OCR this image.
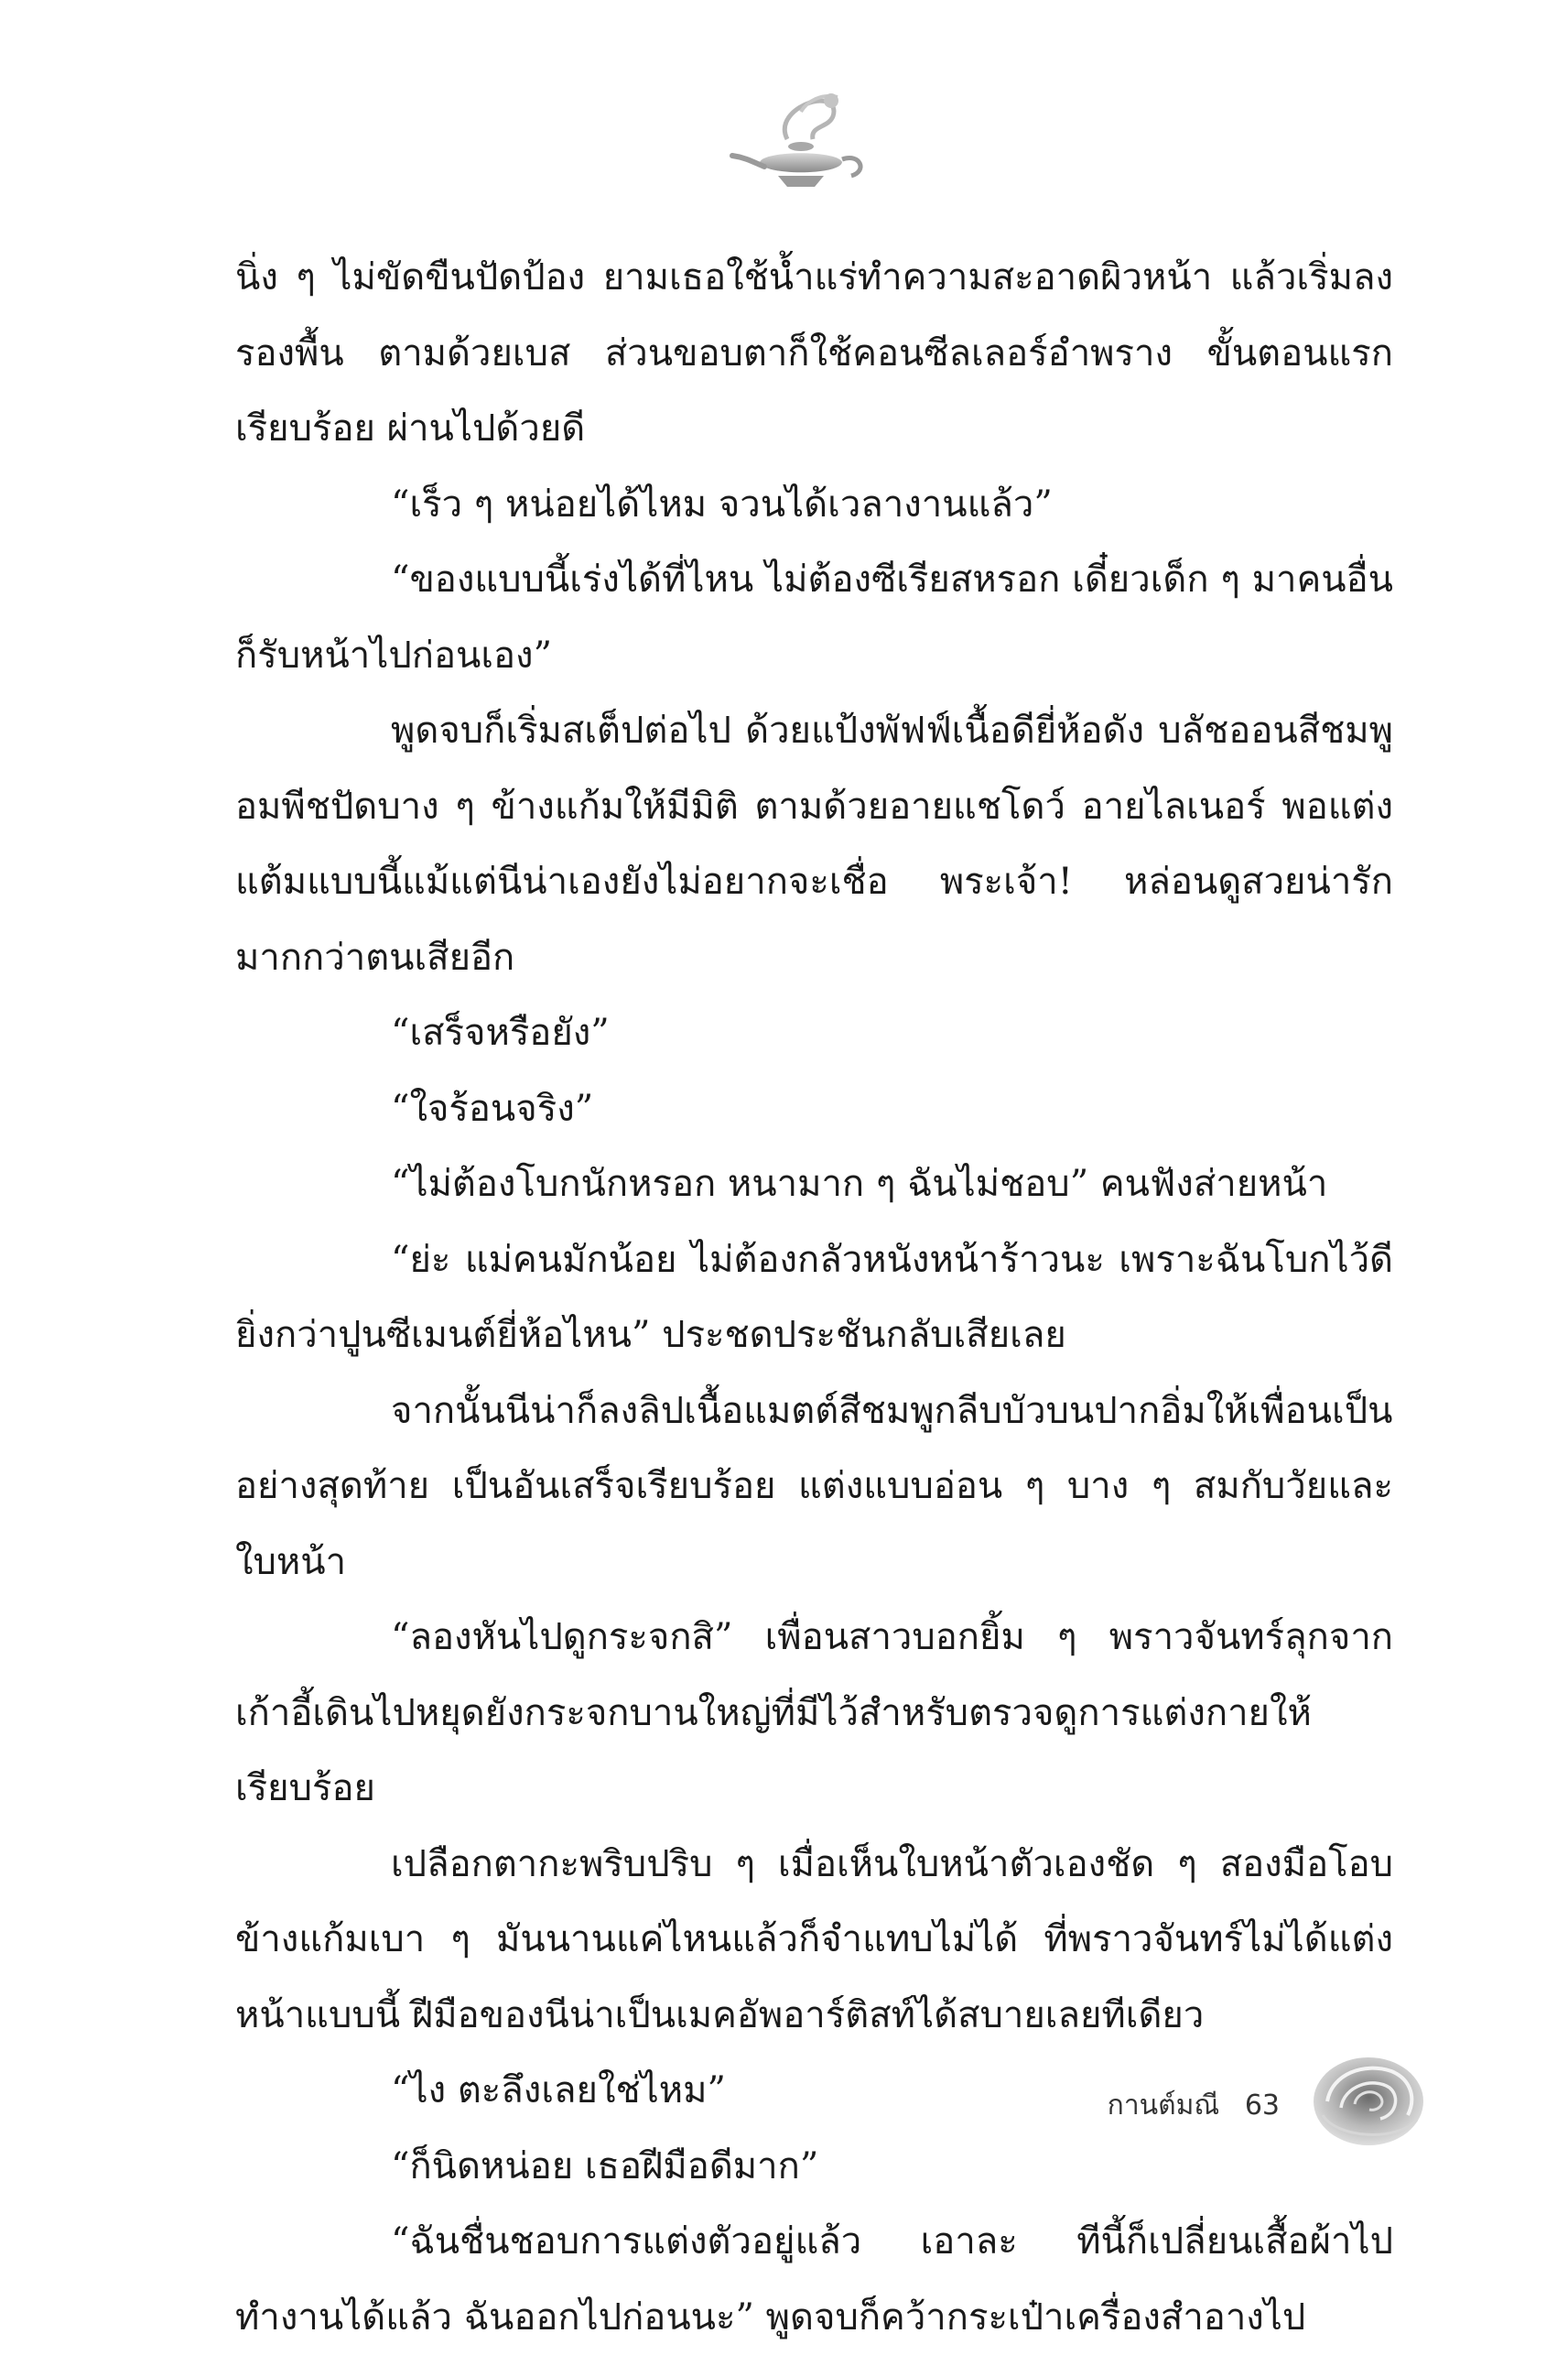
นิ่ง ๆ ไม่ขัดขืนปัดป้อง ยามเธอใช้น้ำแร่ทำความสะอาดผิวหน้า แล้วเริ่มลงรองพื้น ตามด้วยเบส ส่วนขอบตาก็ใช้คอนซีลเลอร์อำพราง ขั้นตอนแรกเรียบร้อย ผ่านไปด้วยดี

“เร็ว ๆ หน่อยได้ไหม จวนได้เวลางานแล้ว”

“ของแบบนี้เร่งได้ที่ไหน ไม่ต้องซีเรียสหรอก เดี๋ยวเด็ก ๆ มาคนอื่นก็รับหน้าไปก่อนเอง”

พูดจบก็เริ่มสเต็ปต่อไป ด้วยแป้งพัฟฟ์เนื้อดียี่ห้อดัง บลัชออนสีชมพูอมพีชปัดบาง ๆ ข้างแก้มให้มีมิติ ตามด้วยอายแชโดว์ อายไลเนอร์ พอแต่งแต้มแบบนี้แม้แต่นีน่าเองยังไม่อยากจะเชื่อ พระเจ้า! หล่อนดูสวยน่ารักมากกว่าตนเสียอีก

“เสร็จหรือยัง”

“ใจร้อนจริง”

“ไม่ต้องโบกนักหรอก หนามาก ๆ ฉันไม่ชอบ” คนฟังส่ายหน้า

“ย่ะ แม่คนมักน้อย ไม่ต้องกลัวหนังหน้าร้าวนะ เพราะฉันโบกไว้ดี ยิ่งกว่าปูนซีเมนต์ยี่ห้อไหน” ประชดประชันกลับเสียเลย

จากนั้นนีน่าก็ลงลิปเนื้อแมตต์สีชมพูกลีบบัวบนปากอิ่มให้เพื่อนเป็นอย่างสุดท้าย เป็นอันเสร็จเรียบร้อย แต่งแบบอ่อน ๆ บาง ๆ สมกับวัยและใบหน้า

“ลองหันไปดูกระจกสิ” เพื่อนสาวบอกยิ้ม ๆ พราวจันทร์ลุกจากเก้าอี้เดินไปหยุดยังกระจกบานใหญ่ที่มีไว้สำหรับตรวจดูการแต่งกายให้เรียบร้อย

เปลือกตากะพริบปริบ ๆ เมื่อเห็นใบหน้าตัวเองชัด ๆ สองมือโอบข้างแก้มเบา ๆ มันนานแค่ไหนแล้วก็จำแทบไม่ได้ ที่พราวจันทร์ไม่ได้แต่งหน้าแบบนี้ ฝีมือของนีน่าเป็นเมคอัพอาร์ติสท์ได้สบายเลยทีเดียว

“ไง ตะลึงเลยใช่ไหม”

“ก็นิดหน่อย เธอฝีมือดีมาก”

“ฉันชื่นชอบการแต่งตัวอยู่แล้ว เอาละ ทีนี้ก็เปลี่ยนเสื้อผ้าไปทำงานได้แล้ว ฉันออกไปก่อนนะ” พูดจบก็คว้ากระเป๋าเครื่องสำอางไป

กานต์มณี 63
